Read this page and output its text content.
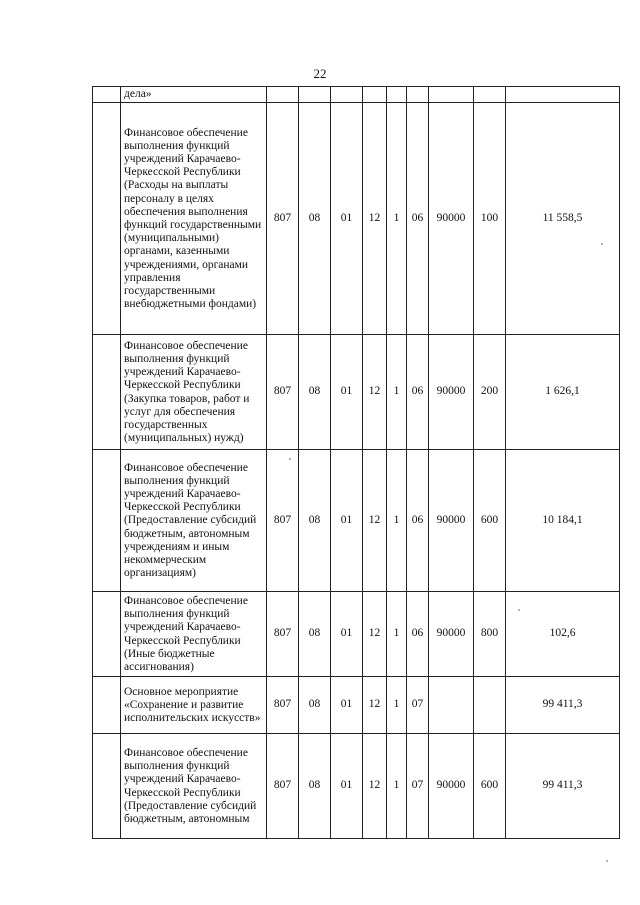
22
	дела»									
	Финансовое обеспечение выполнения функций учреждений Карачаево-Черкесской Республики (Расходы на выплаты персоналу в целях обеспечения выполнения функций государственными (муниципальными) органами, казенными учреждениями, органами управления государственными внебюджетными фондами)	807	08	01	12	1	06	90000	100	11 558,5
	Финансовое обеспечение выполнения функций учреждений Карачаево-Черкесской Республики (Закупка товаров, работ и услуг для обеспечения государственных (муниципальных) нужд)	807	08	01	12	1	06	90000	200	1 626,1
	Финансовое обеспечение выполнения функций учреждений Карачаево-Черкесской Республики (Предоставление субсидий бюджетным, автономным учреждениям и иным некоммерческим организациям)	807	08	01	12	1	06	90000	600	10 184,1
	Финансовое обеспечение выполнения функций учреждений Карачаево-Черкесской Республики (Иные бюджетные ассигнования)	807	08	01	12	1	06	90000	800	102,6
	Основное мероприятие «Сохранение и развитие исполнительских искусств»	807	08	01	12	1	07			99 411,3
	Финансовое обеспечение выполнения функций учреждений Карачаево-Черкесской Республики (Предоставление субсидий бюджетным, автономным	807	08	01	12	1	07	90000	600	99 411,3
